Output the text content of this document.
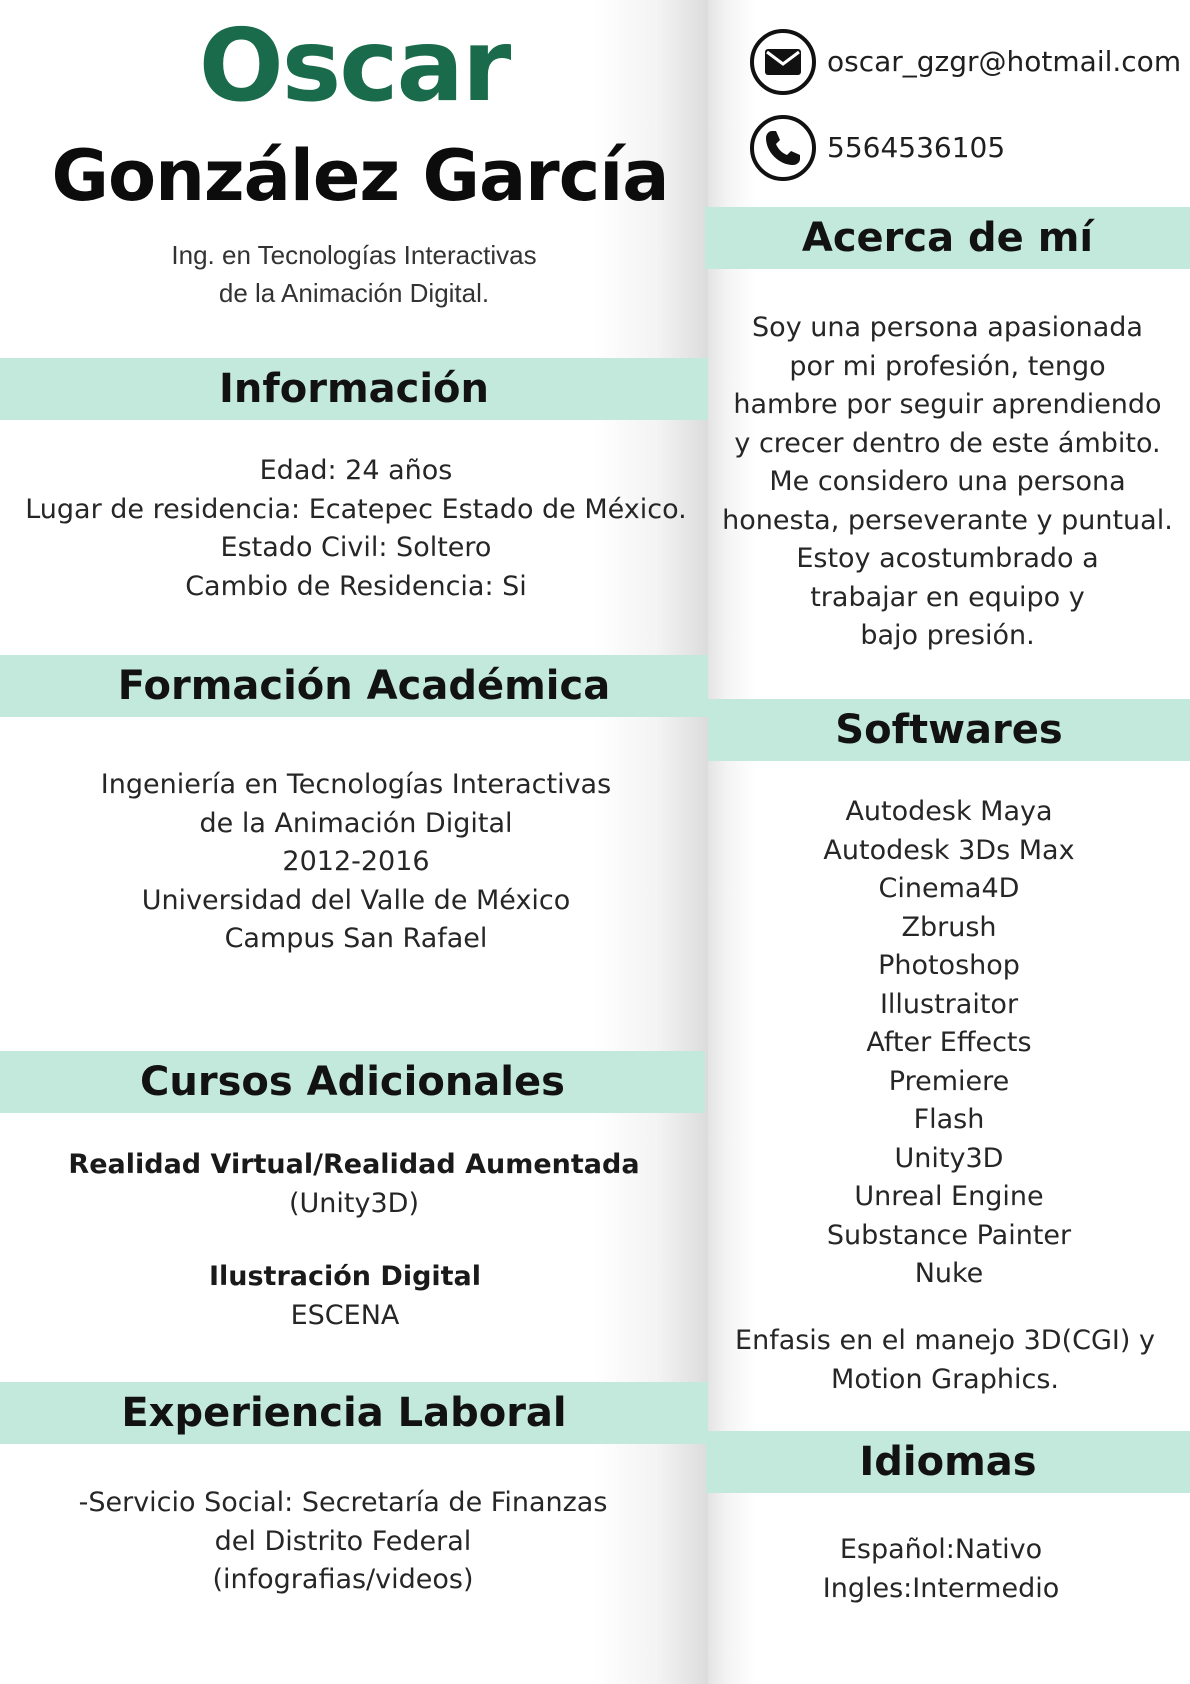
Oscar
González García
Ing. en Tecnologías Interactivas
de la Animación Digital.
Información
Edad: 24 años
Lugar de residencia: Ecatepec Estado de México.
Estado Civil: Soltero
Cambio de Residencia: Si
Formación Académica
Ingeniería en Tecnologías Interactivas
de la Animación Digital
2012-2016
Universidad del Valle de México
Campus San Rafael
Cursos Adicionales
Realidad Virtual/Realidad Aumentada
(Unity3D)
Ilustración Digital
ESCENA
Experiencia Laboral
-Servicio Social: Secretaría de Finanzas
del Distrito Federal
(infografias/videos)
oscar_gzgr@hotmail.com
5564536105
Acerca de mí
Soy una persona apasionada
por mi profesión, tengo
hambre por seguir aprendiendo
y crecer dentro de este ámbito.
Me considero una persona
honesta, perseverante y puntual.
Estoy acostumbrado a
trabajar en equipo y
bajo presión.
Softwares
Autodesk Maya
Autodesk 3Ds Max
Cinema4D
Zbrush
Photoshop
Illustraitor
After Effects
Premiere
Flash
Unity3D
Unreal Engine
Substance Painter
Nuke
Enfasis en el manejo 3D(CGI) y
Motion Graphics.
Idiomas
Español:Nativo
Ingles:Intermedio
